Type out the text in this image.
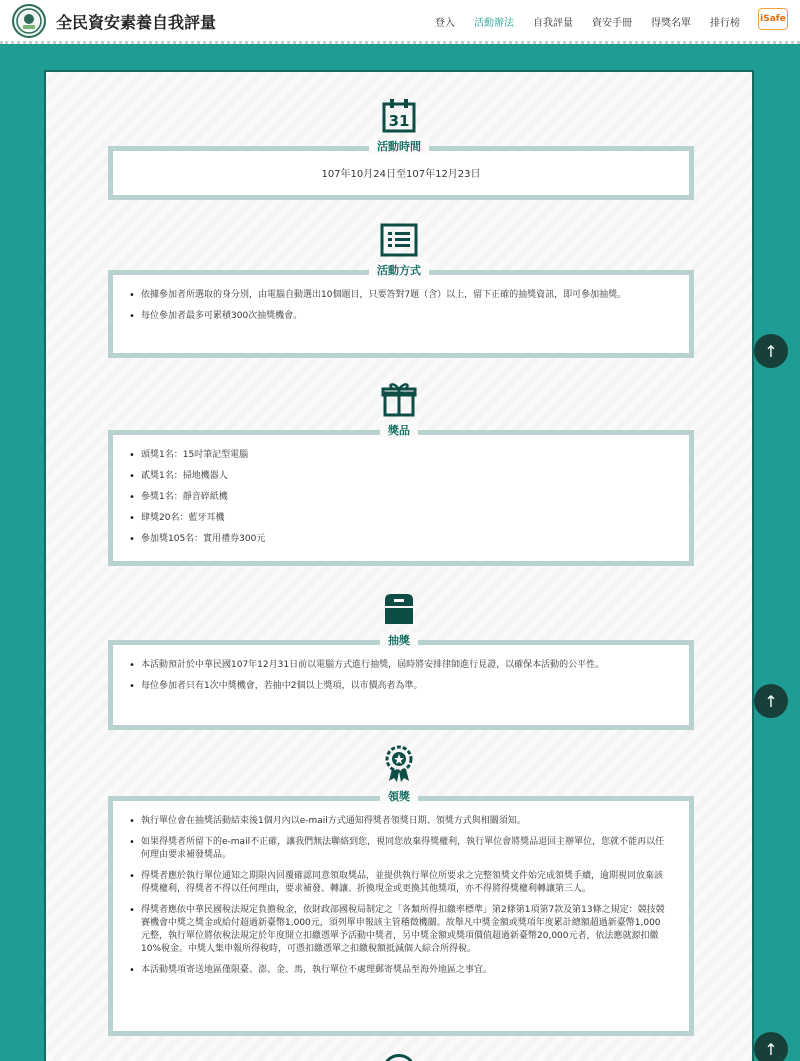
全民資安素養自我評量	登入 活動辦法 自我評量 資安手冊 得獎名單 排行榜 iSafe
31
活動時間
107年10月24日至107年12月23日
活動方式
• 依據參加者所選取的身分別，由電腦自動選出10個題目，只要答對7題（含）以上，留下正確的抽獎資訊，即可參加抽獎。
• 每位參加者最多可累積300次抽獎機會。
獎品
• 頭獎1名：15吋筆記型電腦
• 貳獎1名：掃地機器人
• 參獎1名：靜音碎紙機
• 肆獎20名：藍牙耳機
• 參加獎105名：實用禮券300元
抽獎
• 本活動預計於中華民國107年12月31日前以電腦方式進行抽獎，屆時將安排律師進行見證，以確保本活動的公平性。
• 每位參加者只有1次中獎機會，若抽中2個以上獎項，以市價高者為準。
領獎
• 執行單位會在抽獎活動結束後1個月內以e-mail方式通知得獎者領獎日期、領獎方式與相關須知。
• 如果得獎者所留下的e-mail不正確，讓我們無法聯絡到您，視同您放棄得獎權利，執行單位會將獎品退回主辦單位，您就不能再以任何理由要求補發獎品。
• 得獎者應於執行單位通知之期限內回覆確認同意領取獎品，並提供執行單位所要求之完整領獎文件始完成領獎手續，逾期視同放棄該得獎權利，得獎者不得以任何理由，要求補發、轉讓、折換現金或更換其他獎項，亦不得將得獎權利轉讓第三人。
• 得獎者應依中華民國稅法規定負擔稅金，依財政部國稅局制定之「各類所得扣繳率標準」第2條第1項第7款及第13條之規定：競技競賽機會中獎之獎金或給付超過新臺幣1,000元，須列單申報該主管稽徵機關。故舉凡中獎金額或獎項年度累計總額超過新臺幣1,000元整，執行單位將依稅法規定於年度開立扣繳憑單予活動中獎者，另中獎金額或獎項價值超過新臺幣20,000元者，依法應就源扣繳10%稅金。中獎人集申報所得稅時，可憑扣繳憑單之扣繳稅額抵減個人綜合所得稅。
• 本活動獎項寄送地區僅限臺、澎、金、馬，執行單位不處理郵寄獎品至海外地區之事宜。
↑
↑
↑
